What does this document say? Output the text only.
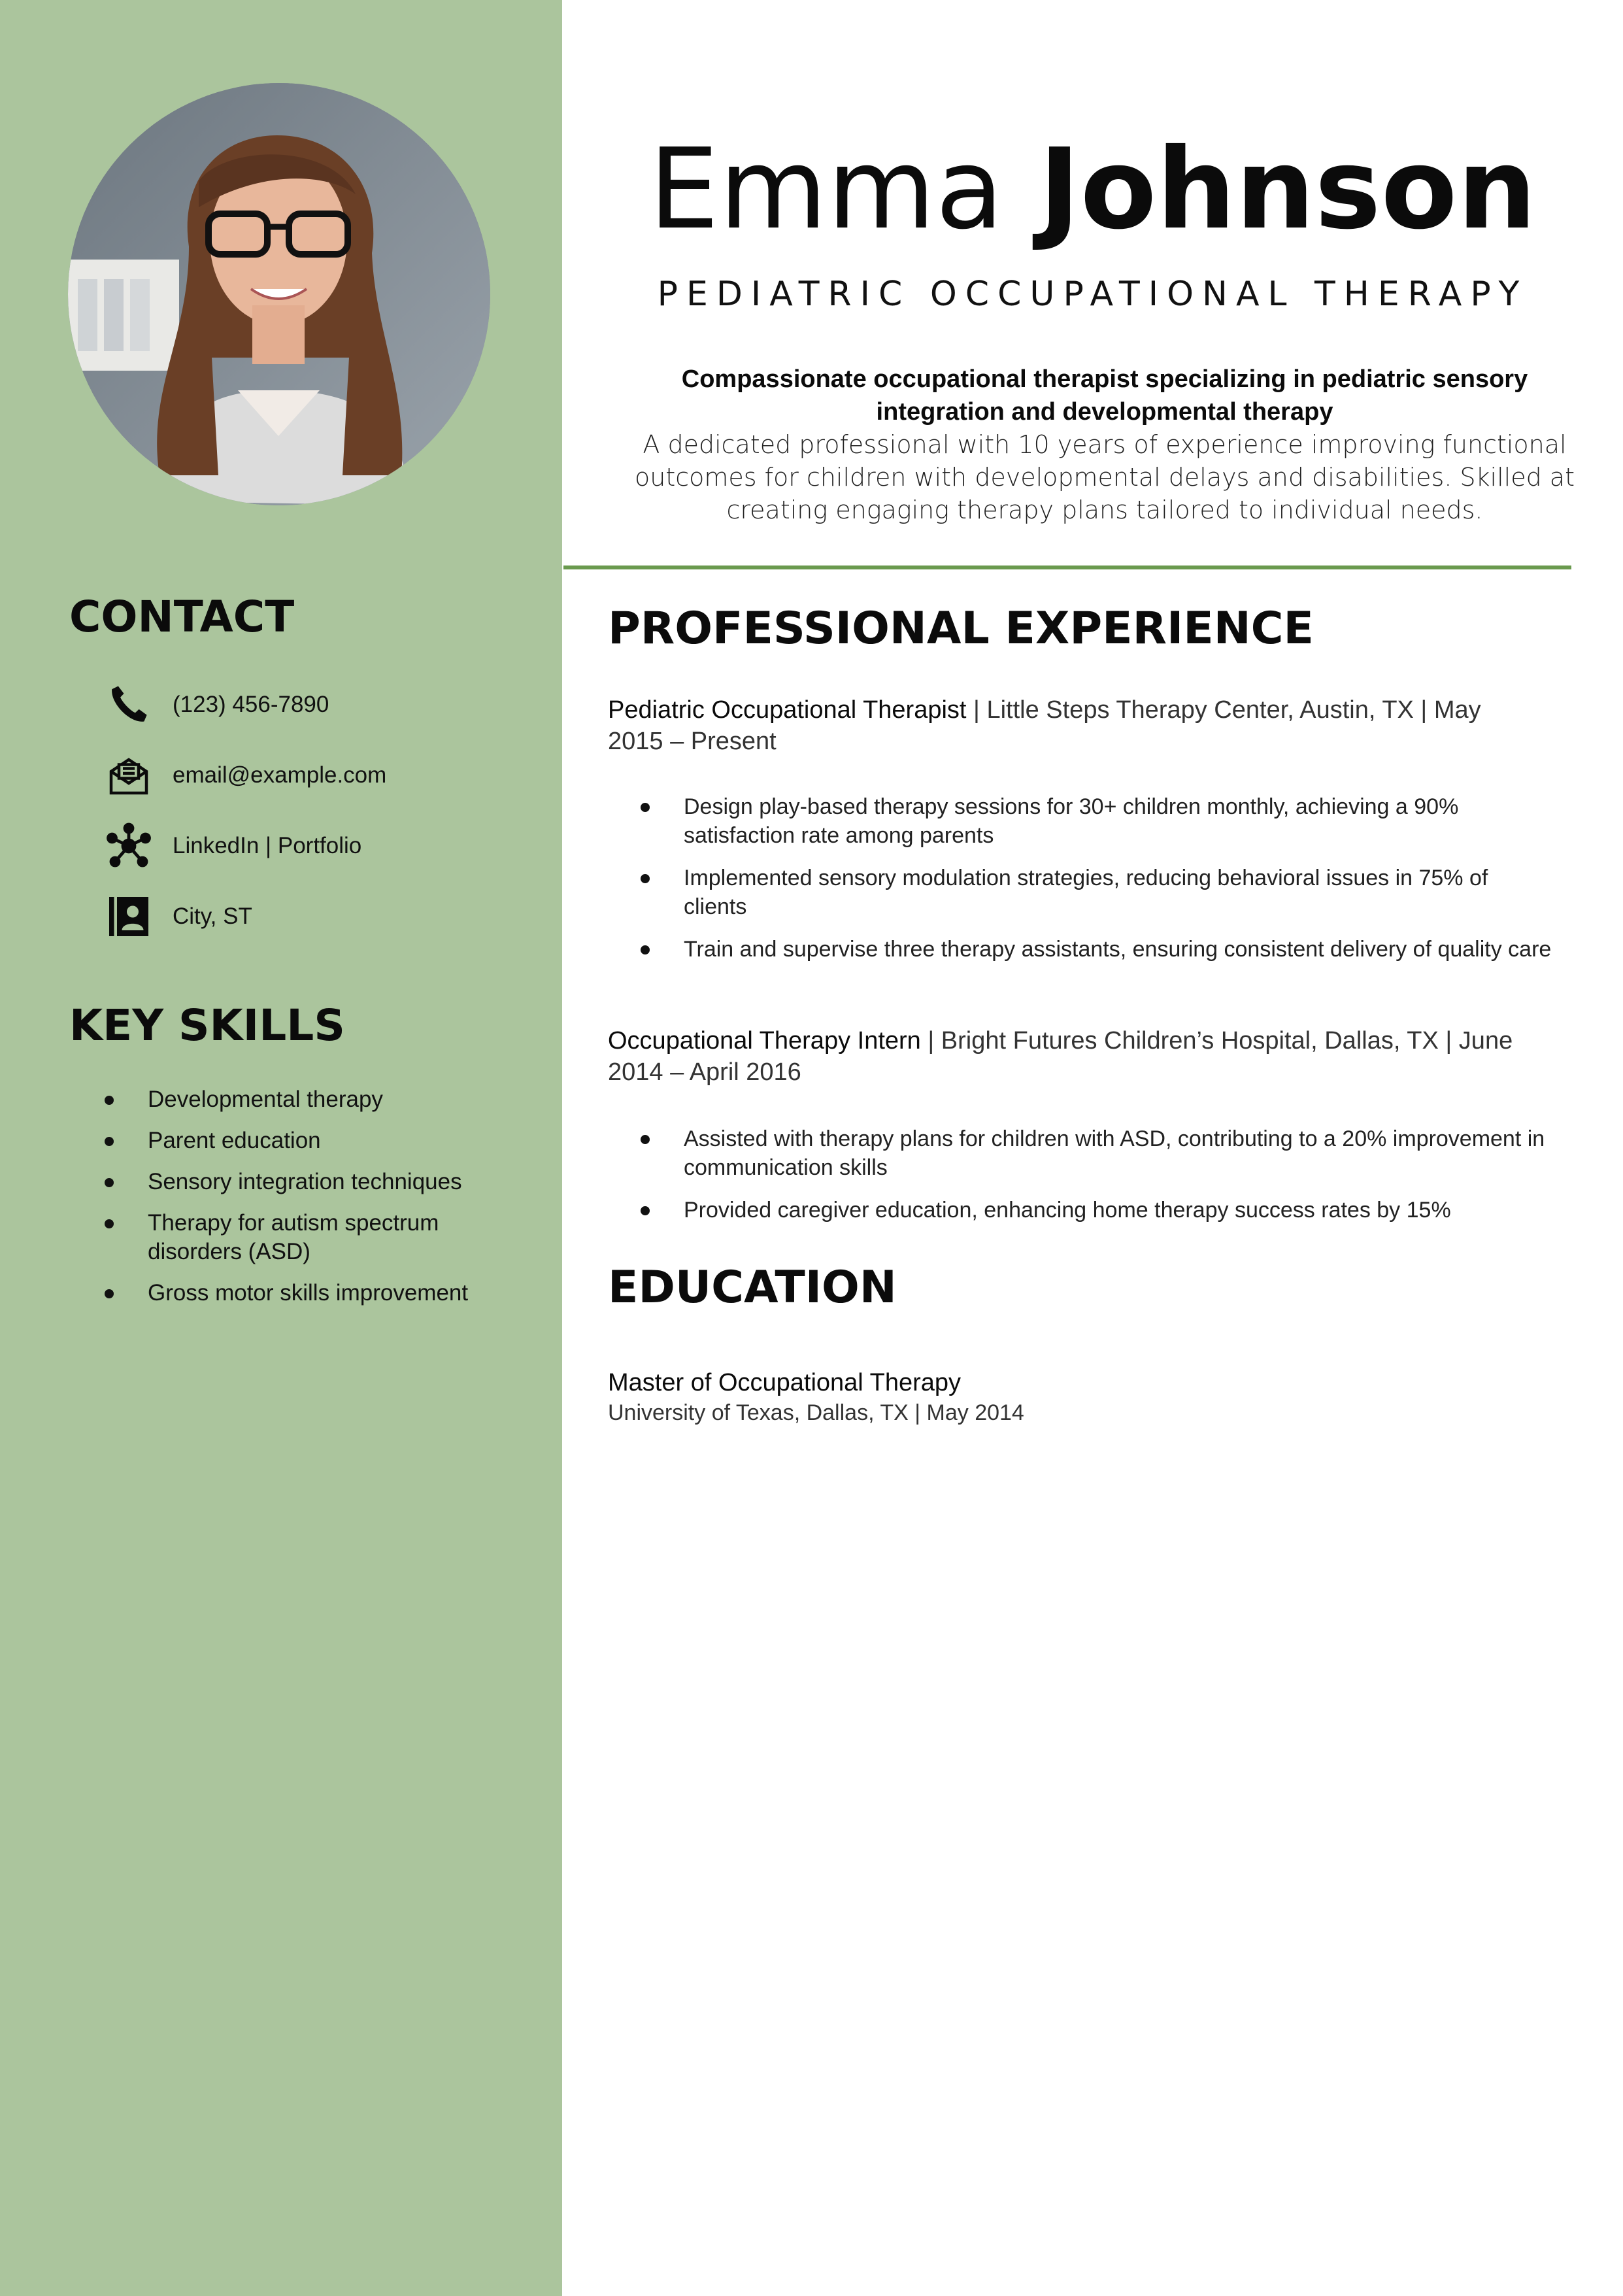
CONTACT
(123) 456-7890
email@example.com
LinkedIn | Portfolio
City, ST
KEY SKILLS
Developmental therapy
Parent education
Sensory integration techniques
Therapy for autism spectrum disorders (ASD)
Gross motor skills improvement
Emma Johnson
PEDIATRIC OCCUPATIONAL THERAPY
Compassionate occupational therapist specializing in pediatric sensory integration and developmental therapy
A dedicated professional with 10 years of experience improving functional outcomes for children with developmental delays and disabilities. Skilled at creating engaging therapy plans tailored to individual needs.
PROFESSIONAL EXPERIENCE
Pediatric Occupational Therapist | Little Steps Therapy Center, Austin, TX | May 2015 – Present
Design play-based therapy sessions for 30+ children monthly, achieving a 90% satisfaction rate among parents
Implemented sensory modulation strategies, reducing behavioral issues in 75% of clients
Train and supervise three therapy assistants, ensuring consistent delivery of quality care
Occupational Therapy Intern | Bright Futures Children’s Hospital, Dallas, TX | June 2014 – April 2016
Assisted with therapy plans for children with ASD, contributing to a 20% improvement in communication skills
Provided caregiver education, enhancing home therapy success rates by 15%
EDUCATION
Master of Occupational Therapy
University of Texas, Dallas, TX | May 2014
